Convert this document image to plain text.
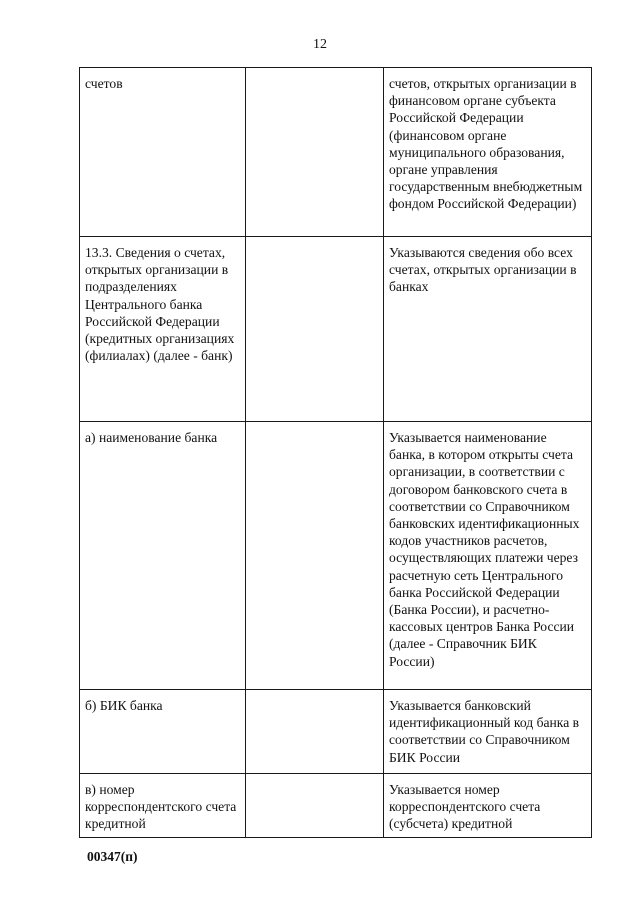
12
счетов		счетов, открытых организации в финансовом органе субъекта Российской Федерации (финансовом органе муниципального образования, органе управления государственным внебюджетным фондом Российской Федерации)
13.3. Сведения о счетах, открытых организации в подразделениях Центрального банка Российской Федерации (кредитных организациях (филиалах) (далее - банк)		Указываются сведения обо всех счетах, открытых организации в банках
а) наименование банка		Указывается наименование банка, в котором открыты счета организации, в соответствии с договором банковского счета в соответствии со Справочником банковских идентификационных кодов участников расчетов, осуществляющих платежи через расчетную сеть Центрального банка Российской Федерации (Банка России), и расчетно-кассовых центров Банка России (далее - Справочник БИК России)
б) БИК банка		Указывается банковский идентификационный код банка в соответствии со Справочником БИК России
в) номер корреспондентского счета кредитной		Указывается номер корреспондентского счета (субсчета) кредитной
00347(п)
